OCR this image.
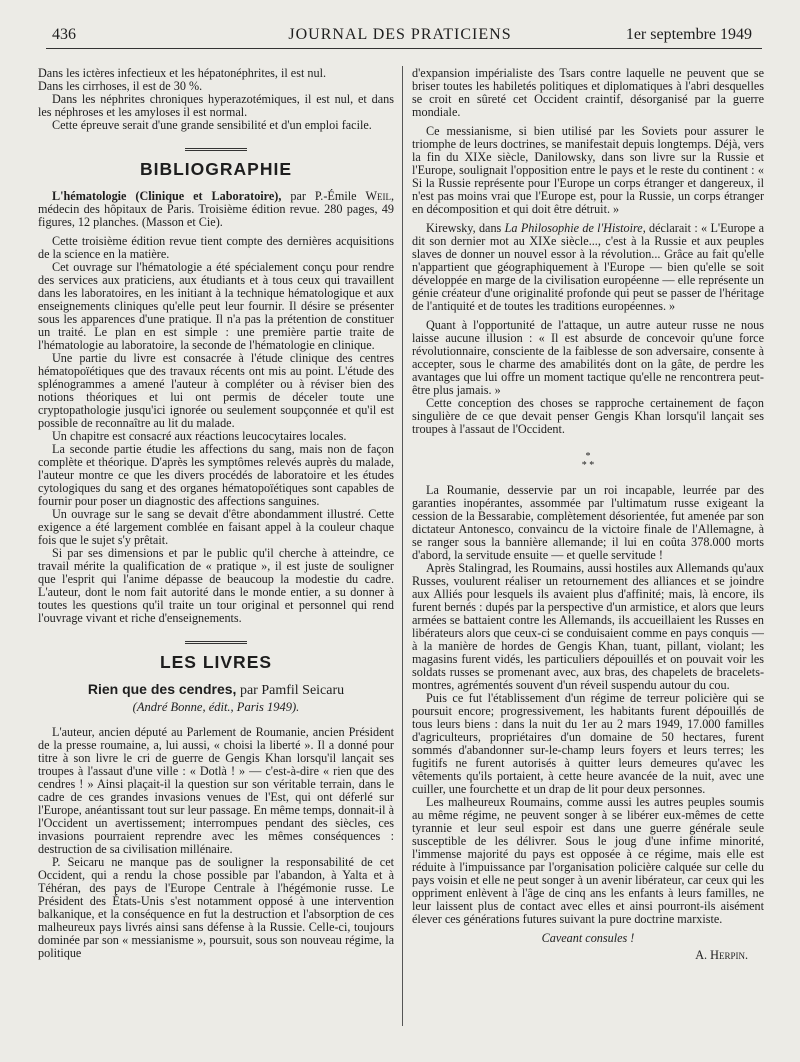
436	JOURNAL DES PRATICIENS	1er septembre 1949

Dans les ictères infectieux et les hépatonéphrites, il est nul.

Dans les cirrhoses, il est de 30 %.

Dans les néphrites chroniques hyperazotémiques, il est nul, et dans les néphroses et les amyloses il est normal.

Cette épreuve serait d'une grande sensibilité et d'un emploi facile.

BIBLIOGRAPHIE

L'hématologie (Clinique et Laboratoire), par P.-Émile Weil, médecin des hôpitaux de Paris. Troisième édition revue. 280 pages, 49 figures, 12 planches. (Masson et Cie).

Cette troisième édition revue tient compte des dernières acquisitions de la science en la matière.

Cet ouvrage sur l'hématologie a été spécialement conçu pour rendre des services aux praticiens, aux étudiants et à tous ceux qui travaillent dans les laboratoires, en les initiant à la technique hématologique et aux enseignements cliniques qu'elle peut leur fournir. Il désire se présenter sous les apparences d'une pratique. Il n'a pas la prétention de constituer un traité. Le plan en est simple : une première partie traite de l'hématologie au laboratoire, la seconde de l'hématologie en clinique.

Une partie du livre est consacrée à l'étude clinique des centres hématopoïétiques que des travaux récents ont mis au point. L'étude des splénogrammes a amené l'auteur à compléter ou à réviser bien des notions théoriques et lui ont permis de déceler toute une cryptopathologie jusqu'ici ignorée ou seulement soupçonnée et qu'il est possible de reconnaître au lit du malade.

Un chapitre est consacré aux réactions leucocytaires locales.

La seconde partie étudie les affections du sang, mais non de façon complète et théorique. D'après les symptômes relevés auprès du malade, l'auteur montre ce que les divers procédés de laboratoire et les études cytologiques du sang et des organes hématopoïétiques sont capables de fournir pour poser un diagnostic des affections sanguines.

Un ouvrage sur le sang se devait d'être abondamment illustré. Cette exigence a été largement comblée en faisant appel à la couleur chaque fois que le sujet s'y prêtait.

Si par ses dimensions et par le public qu'il cherche à atteindre, ce travail mérite la qualification de « pratique », il est juste de souligner que l'esprit qui l'anime dépasse de beaucoup la modestie du cadre. L'auteur, dont le nom fait autorité dans le monde entier, a su donner à toutes les questions qu'il traite un tour original et personnel qui rend l'ouvrage vivant et riche d'enseignements.

LES LIVRES
Rien que des cendres, par Pamfil Seicaru
(André Bonne, édit., Paris 1949).

L'auteur, ancien député au Parlement de Roumanie, ancien Président de la presse roumaine, a, lui aussi, « choisi la liberté ». Il a donné pour titre à son livre le cri de guerre de Gengis Khan lorsqu'il lançait ses troupes à l'assaut d'une ville : « Dotlà ! » — c'est-à-dire « rien que des cendres ! » Ainsi plaçait-il la question sur son véritable terrain, dans le cadre de ces grandes invasions venues de l'Est, qui ont déferlé sur l'Europe, anéantissant tout sur leur passage. En même temps, donnait-il à l'Occident un avertissement; interrompues pendant des siècles, ces invasions pourraient reprendre avec les mêmes conséquences : destruction de sa civilisation millénaire.

P. Seicaru ne manque pas de souligner la responsabilité de cet Occident, qui a rendu la chose possible par l'abandon, à Yalta et à Téhéran, des pays de l'Europe Centrale à l'hégémonie russe. Le Président des États-Unis s'est notamment opposé à une intervention balkanique, et la conséquence en fut la destruction et l'absorption de ces malheureux pays livrés ainsi sans défense à la Russie. Celle-ci, toujours dominée par son « messianisme », poursuit, sous son nouveau régime, la politique

d'expansion impérialiste des Tsars contre laquelle ne peuvent que se briser toutes les habiletés politiques et diplomatiques à l'abri desquelles se croit en sûreté cet Occident craintif, désorganisé par la guerre mondiale.

Ce messianisme, si bien utilisé par les Soviets pour assurer le triomphe de leurs doctrines, se manifestait depuis longtemps. Déjà, vers la fin du XIXe siècle, Danilowsky, dans son livre sur la Russie et l'Europe, soulignait l'opposition entre le pays et le reste du continent : « Si la Russie représente pour l'Europe un corps étranger et dangereux, il n'est pas moins vrai que l'Europe est, pour la Russie, un corps étranger en décomposition et qui doit être détruit. »

Kirewsky, dans La Philosophie de l'Histoire, déclarait : « L'Europe a dit son dernier mot au XIXe siècle..., c'est à la Russie et aux peuples slaves de donner un nouvel essor à la révolution... Grâce au fait qu'elle n'appartient que géographiquement à l'Europe — bien qu'elle se soit développée en marge de la civilisation européenne — elle représente un génie créateur d'une originalité profonde qui peut se passer de l'héritage de l'antiquité et de toutes les traditions européennes. »

Quant à l'opportunité de l'attaque, un autre auteur russe ne nous laisse aucune illusion : « Il est absurde de concevoir qu'une force révolutionnaire, consciente de la faiblesse de son adversaire, consente à accepter, sous le charme des amabilités dont on la gâte, de perdre les avantages que lui offre un moment tactique qu'elle ne rencontrera peut-être plus jamais. »

Cette conception des choses se rapproche certainement de façon singulière de ce que devait penser Gengis Khan lorsqu'il lançait ses troupes à l'assaut de l'Occident.

*
* *

La Roumanie, desservie par un roi incapable, leurrée par des garanties inopérantes, assommée par l'ultimatum russe exigeant la cession de la Bessarabie, complètement désorientée, fut amenée par son dictateur Antonesco, convaincu de la victoire finale de l'Allemagne, à se ranger sous la bannière allemande; il lui en coûta 378.000 morts d'abord, la servitude ensuite — et quelle servitude !

Après Stalingrad, les Roumains, aussi hostiles aux Allemands qu'aux Russes, voulurent réaliser un retournement des alliances et se joindre aux Alliés pour lesquels ils avaient plus d'affinité; mais, là encore, ils furent bernés : dupés par la perspective d'un armistice, et alors que leurs armées se battaient contre les Allemands, ils accueillaient les Russes en libérateurs alors que ceux-ci se conduisaient comme en pays conquis — à la manière de hordes de Gengis Khan, tuant, pillant, violant; les magasins furent vidés, les particuliers dépouillés et on pouvait voir les soldats russes se promenant avec, aux bras, des chapelets de bracelets-montres, agrémentés souvent d'un réveil suspendu autour du cou.

Puis ce fut l'établissement d'un régime de terreur policière qui se poursuit encore; progressivement, les habitants furent dépouillés de tous leurs biens : dans la nuit du 1er au 2 mars 1949, 17.000 familles d'agriculteurs, propriétaires d'un domaine de 50 hectares, furent sommés d'abandonner sur-le-champ leurs foyers et leurs terres; les fugitifs ne furent autorisés à quitter leurs demeures qu'avec les vêtements qu'ils portaient, à cette heure avancée de la nuit, avec une cuiller, une fourchette et un drap de lit pour deux personnes.

Les malheureux Roumains, comme aussi les autres peuples soumis au même régime, ne peuvent songer à se libérer eux-mêmes de cette tyrannie et leur seul espoir est dans une guerre générale seule susceptible de les délivrer. Sous le joug d'une infime minorité, l'immense majorité du pays est opposée à ce régime, mais elle est réduite à l'impuissance par l'organisation policière calquée sur celle du pays voisin et elle ne peut songer à un avenir libérateur, car ceux qui les oppriment enlèvent à l'âge de cinq ans les enfants à leurs familles, ne leur laissent plus de contact avec elles et ainsi pourront-ils aisément élever ces générations futures suivant la pure doctrine marxiste.

Caveant consules !
A. Herpin.
